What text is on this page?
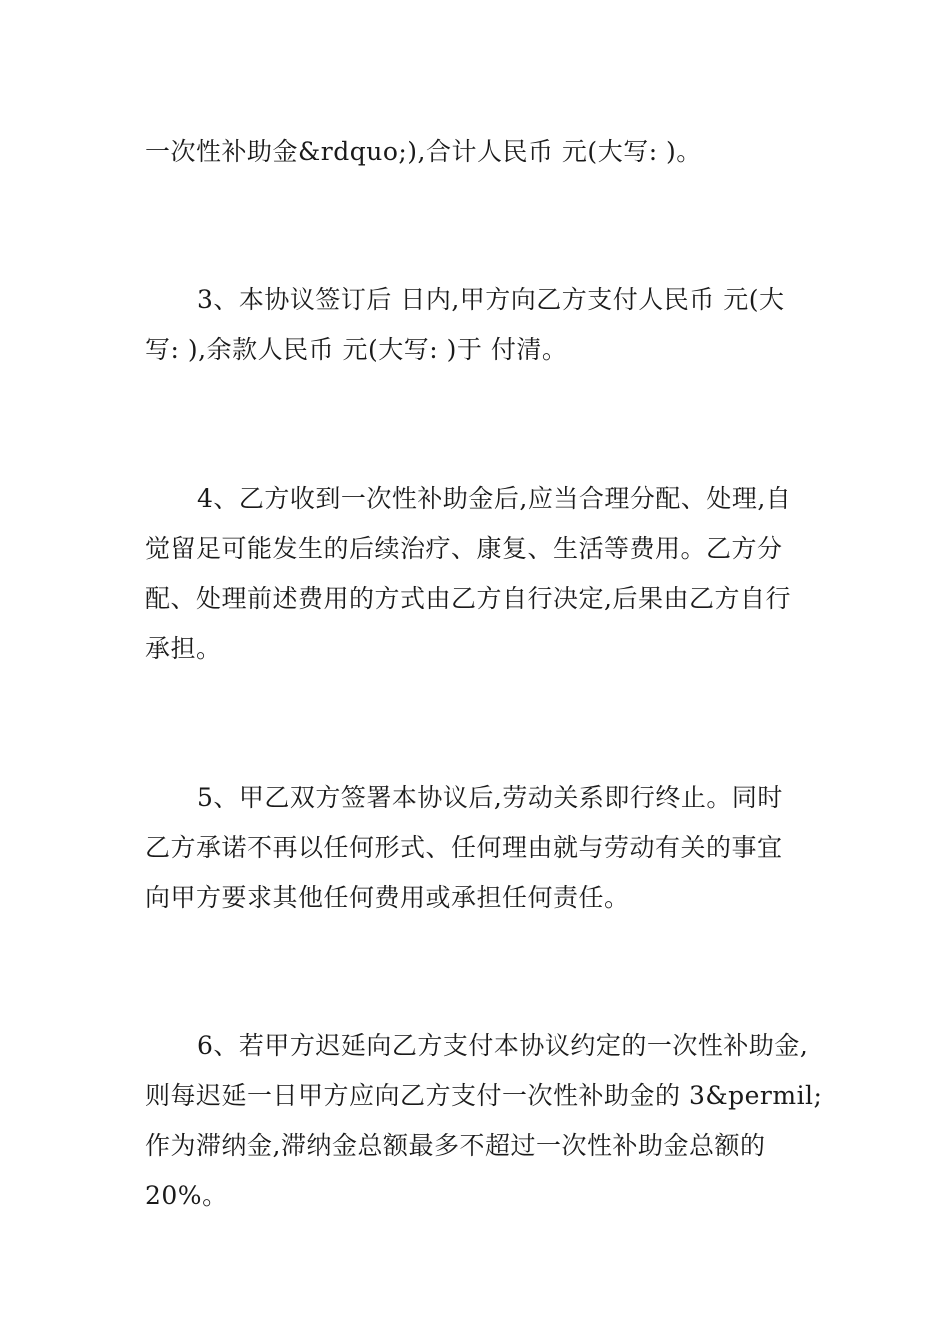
一次性补助金&rdquo;),合计人民币 元(大写: )。

3、本协议签订后 日内,甲方向乙方支付人民币 元(大
写: ),余款人民币 元(大写: )于 付清。

4、乙方收到一次性补助金后,应当合理分配、处理,自
觉留足可能发生的后续治疗、康复、生活等费用。乙方分
配、处理前述费用的方式由乙方自行决定,后果由乙方自行
承担。

5、甲乙双方签署本协议后,劳动关系即行终止。同时
乙方承诺不再以任何形式、任何理由就与劳动有关的事宜
向甲方要求其他任何费用或承担任何责任。

6、若甲方迟延向乙方支付本协议约定的一次性补助金,
则每迟延一日甲方应向乙方支付一次性补助金的 3&permil;
作为滞纳金,滞纳金总额最多不超过一次性补助金总额的
20%。
